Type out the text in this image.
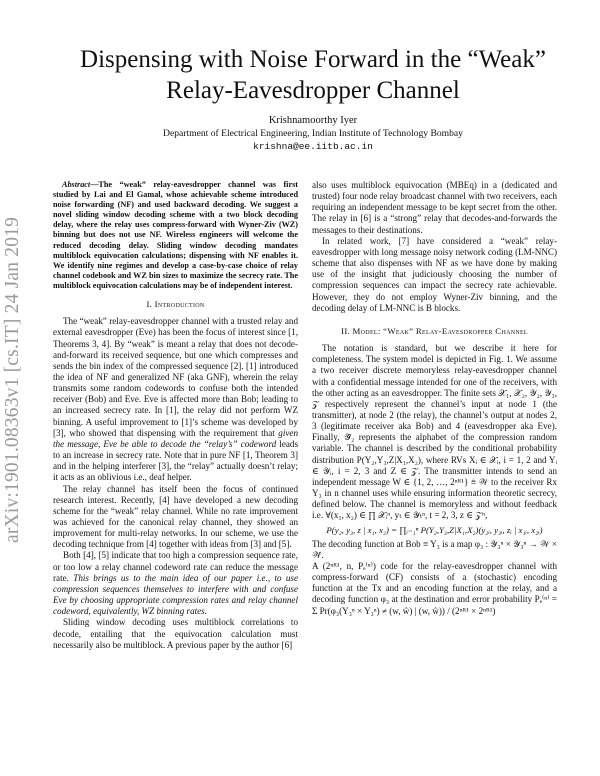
arXiv:1901.08363v1 [cs.IT] 24 Jan 2019
Dispensing with Noise Forward in the “Weak” Relay-Eavesdropper Channel
Krishnamoorthy Iyer
Department of Electrical Engineering, Indian Institute of Technology Bombay
krishna@ee.iitb.ac.in
Abstract—The “weak” relay-eavesdropper channel was first studied by Lai and El Gamal, whose achievable scheme introduced noise forwarding (NF) and used backward decoding. We suggest a novel sliding window decoding scheme with a two block decoding delay, where the relay uses compress-forward with Wyner-Ziv (WZ) binning but does not use NF. Wireless engineers will welcome the reduced decoding delay. Sliding window decoding mandates multiblock equivocation calculations; dispensing with NF enables it. We identify nine regimes and develop a case-by-case choice of relay channel codebook and WZ bin sizes to maximize the secrecy rate. The multiblock equivocation calculations may be of independent interest.
I. Introduction

The “weak” relay-eavesdropper channel with a trusted relay and external eavesdropper (Eve) has been the focus of interest since [1, Theorems 3, 4]. By “weak” is meant a relay that does not decode-and-forward its received sequence, but one which compresses and sends the bin index of the compressed sequence [2]. [1] introduced the idea of NF and generalized NF (aka GNF), wherein the relay transmits some random codewords to confuse both the intended receiver (Bob) and Eve. Eve is affected more than Bob; leading to an increased secrecy rate. In [1], the relay did not perform WZ binning. A useful improvement to [1]’s scheme was developed by [3], who showed that dispensing with the requirement that given the message, Eve be able to decode the “relay’s” codeword leads to an increase in secrecy rate. Note that in pure NF [1, Theorem 3] and in the helping interferer [3], the “relay” actually doesn’t relay; it acts as an oblivious i.e., deaf helper.

The relay channel has itself been the focus of continued research interest. Recently, [4] have developed a new decoding scheme for the “weak” relay channel. While no rate improvement was achieved for the canonical relay channel, they showed an improvement for multi-relay networks. In our scheme, we use the decoding technique from [4] together with ideas from [3] and [5].

Both [4], [5] indicate that too high a compression sequence rate, or too low a relay channel codeword rate can reduce the message rate. This brings us to the main idea of our paper i.e., to use compression sequences themselves to interfere with and confuse Eve by choosing appropriate compression rates and relay channel codeword, equivalently, WZ binning rates.

Sliding window decoding uses multiblock correlations to decode, entailing that the equivocation calculation must necessarily also be multiblock. A previous paper by the author [6]

also uses multiblock equivocation (MBEq) in a (dedicated and trusted) four node relay broadcast channel with two receivers, each requiring an independent message to be kept secret from the other. The relay in [6] is a “strong” relay that decodes-and-forwards the messages to their destinations.

In related work, [7] have considered a “weak” relay-eavesdropper with long message noisy network coding (LM-NNC) scheme that also dispenses with NF as we have done by making use of the insight that judiciously choosing the number of compression sequences can impact the secrecy rate achievable. However, they do not employ Wyner-Ziv binning, and the decoding delay of LM-NNC is B blocks.

II. Model: “Weak” Relay-Eavesdropper Channel

The notation is standard, but we describe it here for completeness. The system model is depicted in Fig. 1. We assume a two receiver discrete memoryless relay-eavesdropper channel with a confidential message intended for one of the receivers, with the other acting as an eavesdropper. The finite sets 𝒳₁, 𝒳₂, 𝒴₂, 𝒴₃, 𝒵 respectively represent the channel’s input at node 1 (the transmitter), at node 2 (the relay), the channel’s output at nodes 2, 3 (legitimate receiver aka Bob) and 4 (eavesdropper aka Eve). Finally, 𝒴̂₂ represents the alphabet of the compression random variable. The channel is described by the conditional probability distribution P(Y₂,Y₃,Z|X₁,X₂), where RVs Xᵢ ∈ 𝒳ᵢ, i = 1, 2 and Yᵢ ∈ 𝒴ᵢ, i = 2, 3 and Z ∈ 𝒵. The transmitter intends to send an independent message W ∈ {1, 2, …, 2ⁿᴿ¹} ≜ 𝒲 to the receiver Rx Y₃ in n channel uses while ensuring information theoretic secrecy, defined below. The channel is memoryless and without feedback i.e. ∀(x₁, x₂) ∈ ∏ 𝒳ᵢⁿ, yₜ ∈ 𝒴ₜⁿ, t = 2, 3, z ∈ 𝒵ⁿ,

P(y₂, y₃, z | x₁, x₂) = ∏ᵢ₌₁ⁿ P(Y₂,Y₃,Z|X₁,X₂)(y₂ᵢ, y₃ᵢ, zᵢ | x₁ᵢ, x₂ᵢ)

The decoding function at Bob ≡ Y₃ is a map φ₃ : 𝒴₃ⁿ × 𝒴₃ⁿ → 𝒲 × 𝒲̂.

A (2ⁿᴿ¹, n, Pₑ⁽ⁿ⁾) code for the relay-eavesdropper channel with compress-forward (CF) consists of a (stochastic) encoding function at the Tx and an encoding function at the relay, and a decoding function φ₃ at the destination and error probability Pₑ⁽ⁿ⁾ = Σ Pr(φ₃(Y₃ⁿ × Y₃ⁿ) ≠ (w, ŵ) | (w, ŵ)) / (2ⁿᴿ¹ × 2ⁿᴿ¹)
